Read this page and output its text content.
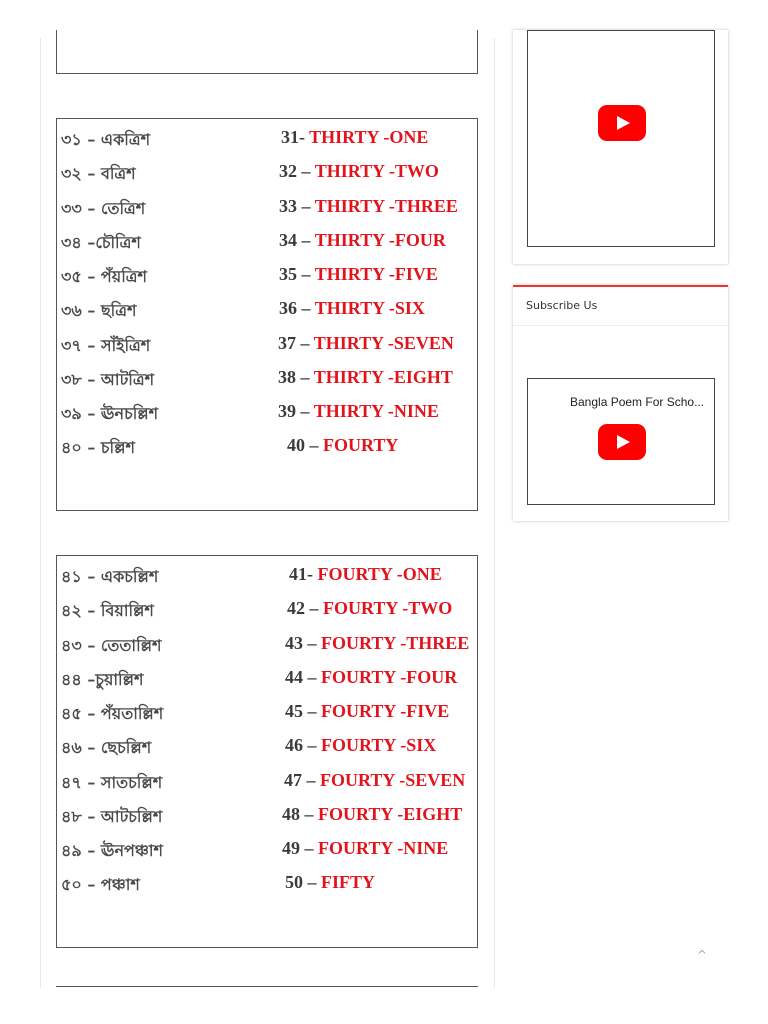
৩১ – একত্রিশ	31- THIRTY -ONE
৩২ – বত্রিশ	32 – THIRTY -TWO
৩৩ – তেত্রিশ	33 – THIRTY -THREE
৩৪ –চৌত্রিশ	34 – THIRTY -FOUR
৩৫ – পঁয়ত্রিশ	35 – THIRTY -FIVE
৩৬ – ছত্রিশ	36 – THIRTY -SIX
৩৭ – সাঁইত্রিশ	37 – THIRTY -SEVEN
৩৮ – আটত্রিশ	38 – THIRTY -EIGHT
৩৯ – ঊনচল্লিশ	39 – THIRTY -NINE
৪০ – চল্লিশ	40 – FOURTY
৪১ – একচল্লিশ	41- FOURTY -ONE
৪২ – বিয়াল্লিশ	42 – FOURTY -TWO
৪৩ – তেতাল্লিশ	43 – FOURTY -THREE
৪৪ –চুয়াল্লিশ	44 – FOURTY -FOUR
৪৫ – পঁয়তাল্লিশ	45 – FOURTY -FIVE
৪৬ – ছেচল্লিশ	46 – FOURTY -SIX
৪৭ – সাতচল্লিশ	47 – FOURTY -SEVEN
৪৮ – আটচল্লিশ	48 – FOURTY -EIGHT
৪৯ – ঊনপঞ্চাশ	49 – FOURTY -NINE
৫০ – পঞ্চাশ	50 – FIFTY
Subscribe Us
Bangla Poem For Scho...
^
